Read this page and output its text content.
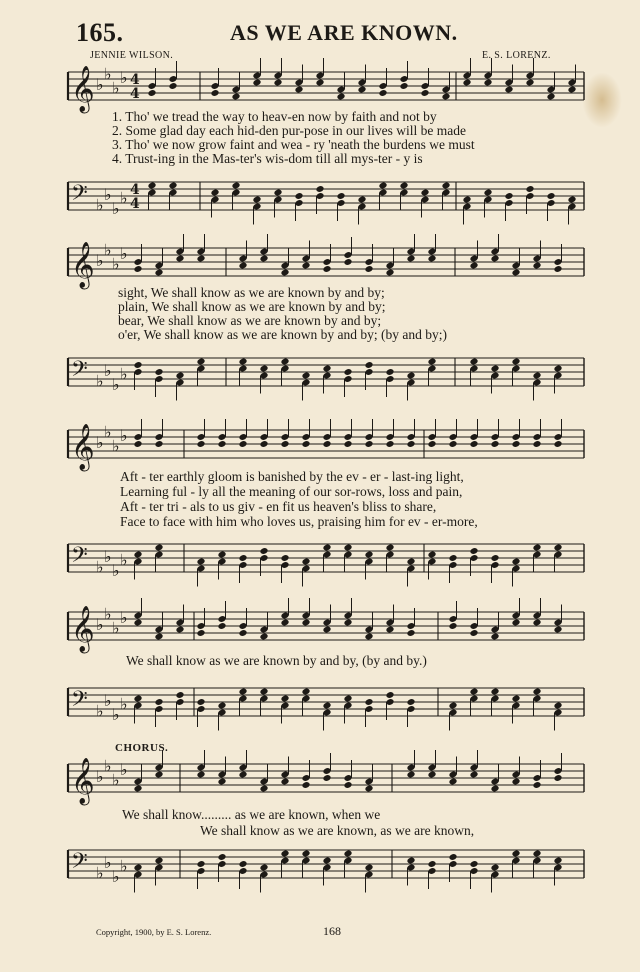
165.	AS WE ARE KNOWN.
JENNIE WILSON.	E. S. LORENZ.
𝄞 ♭
♭
♭
♭ 4
4
1. Tho' we tread the way to heav-en now by faith and not by
2. Some glad day each hid-den pur-pose in our lives will be made
3. Tho' we now grow faint and wea - ry 'neath the burdens we must
4. Trust-ing in the Mas-ter's wis-dom till all mys-ter - y is
𝄢 ♭
♭
♭
♭ 4
4
𝄞 ♭
♭
♭
♭
sight, We shall know as we are known by and by;
plain, We shall know as we are known by and by;
bear, We shall know as we are known by and by;
o'er, We shall know as we are known by and by; (by and by;)
𝄢 ♭
♭
♭
♭
𝄞 ♭
♭
♭
♭
Aft - ter earthly gloom is banished by the ev - er - last-ing light,
Learning ful - ly all the meaning of our sor-rows, loss and pain,
Aft - ter tri - als to us giv - en fit us heaven's bliss to share,
Face to face with him who loves us, praising him for ev - er-more,
𝄢 ♭
♭
♭
♭
𝄞 ♭
♭
♭
♭
We shall know as we are known by and by, (by and by.)
𝄢 ♭
♭
♭
♭
CHORUS.
𝄞 ♭
♭
♭
♭
We shall know......... as we are known, when we
We shall know as we are known, as we are known,
𝄢 ♭
♭
♭
♭
Copyright, 1900, by E. S. Lorenz.	168
